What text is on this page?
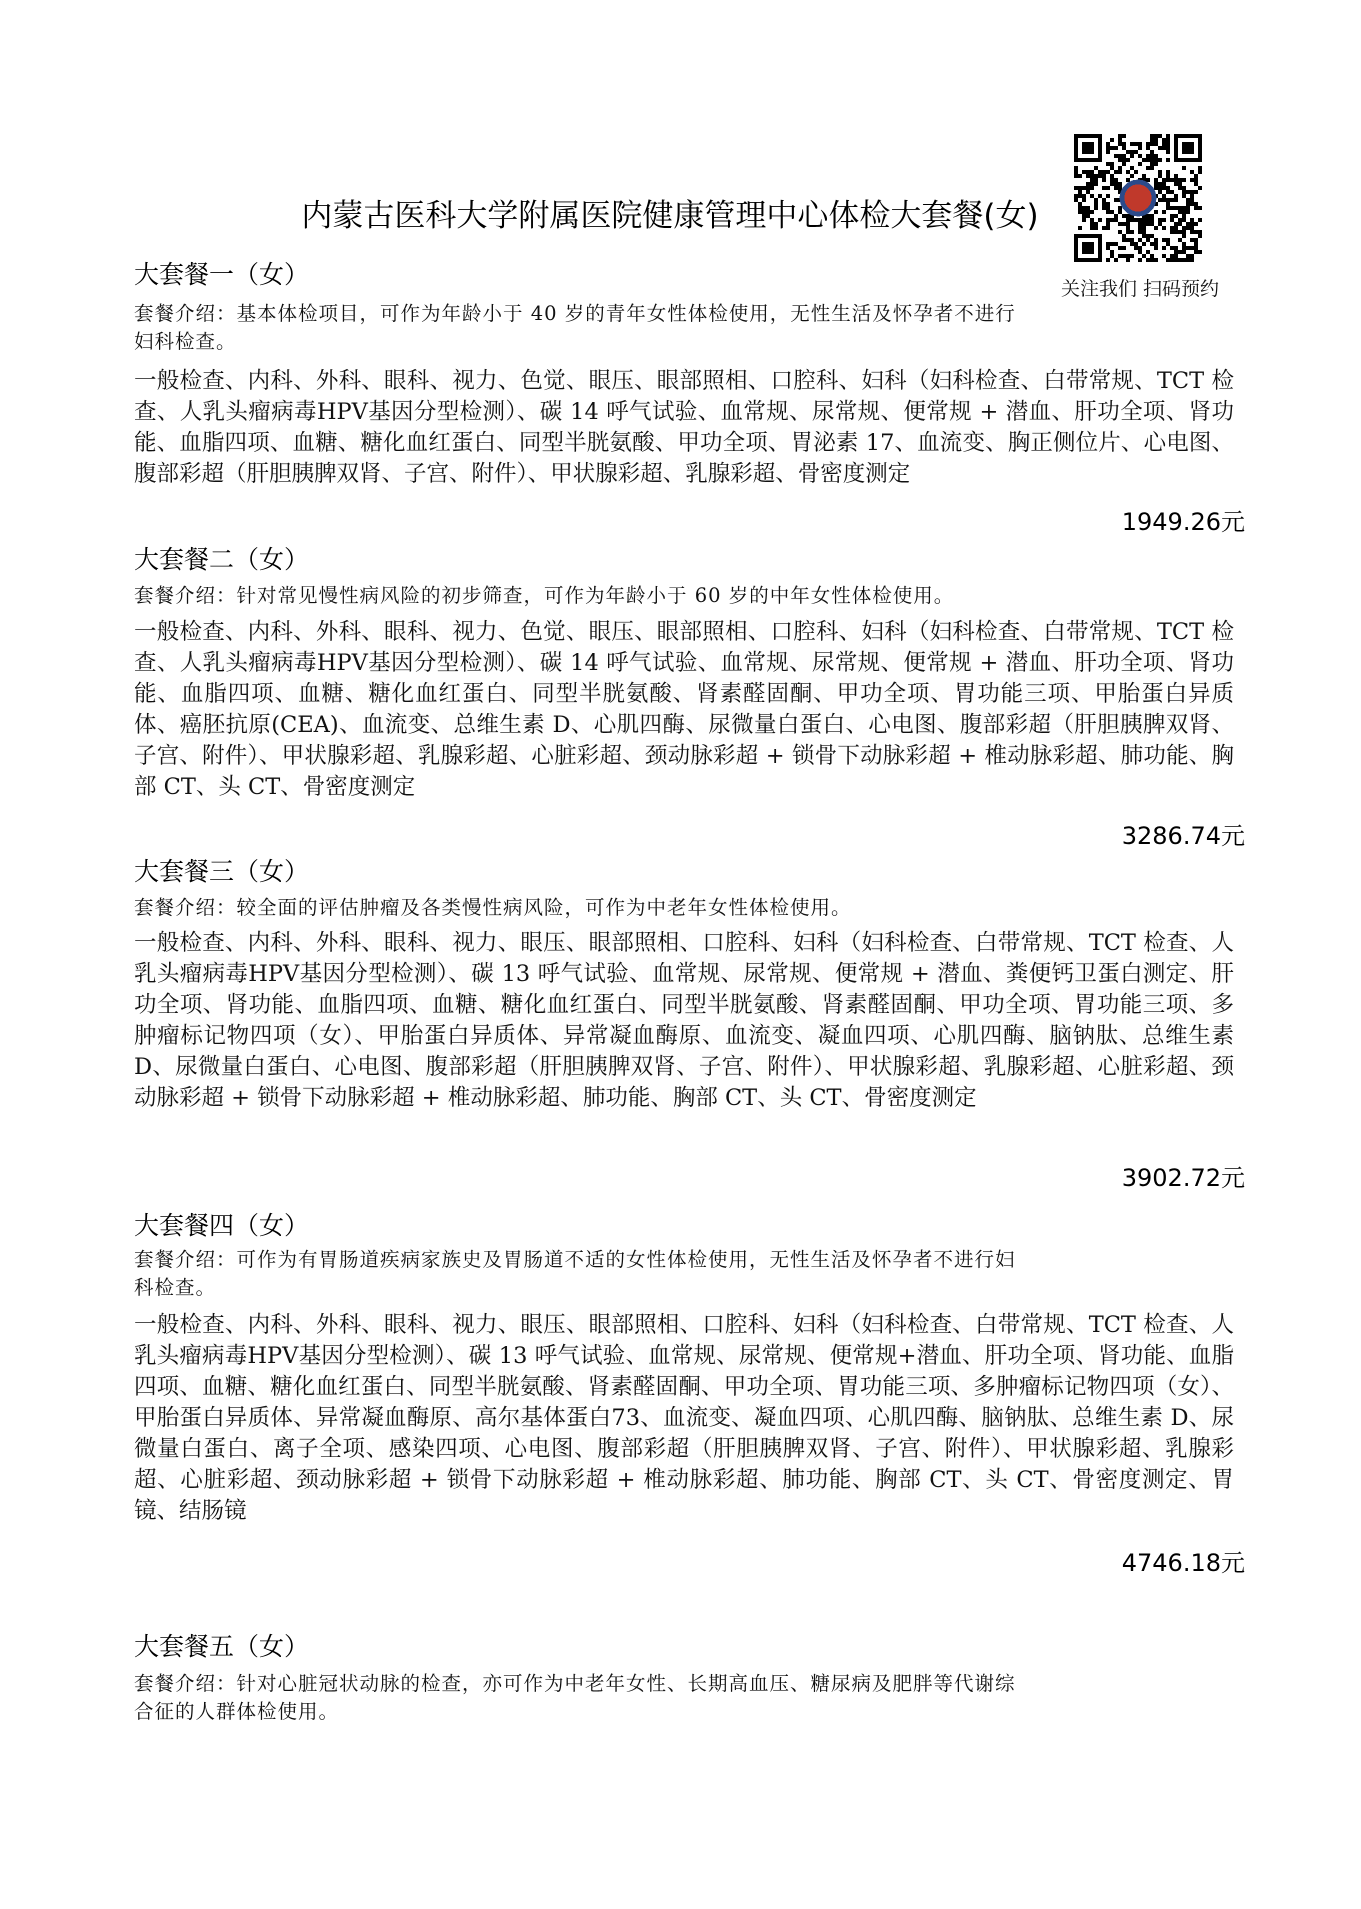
关注我们 扫码预约
内蒙古医科大学附属医院健康管理中心体检大套餐(女)
大套餐一（女）
套餐介绍：基本体检项目，可作为年龄小于 40 岁的青年女性体检使用，无性生活及怀孕者不进行妇科检查。
一般检查、内科、外科、眼科、视力、色觉、眼压、眼部照相、口腔科、妇科（妇科检查、白带常规、TCT 检查、人乳头瘤病毒HPV基因分型检测）、碳 14 呼气试验、血常规、尿常规、便常规 + 潜血、肝功全项、肾功能、血脂四项、血糖、糖化血红蛋白、同型半胱氨酸、甲功全项、胃泌素 17、血流变、胸正侧位片、心电图、腹部彩超（肝胆胰脾双肾、子宫、附件）、甲状腺彩超、乳腺彩超、骨密度测定
1949.26元
大套餐二（女）
套餐介绍：针对常见慢性病风险的初步筛查，可作为年龄小于 60 岁的中年女性体检使用。
一般检查、内科、外科、眼科、视力、色觉、眼压、眼部照相、口腔科、妇科（妇科检查、白带常规、TCT 检查、人乳头瘤病毒HPV基因分型检测）、碳 14 呼气试验、血常规、尿常规、便常规 + 潜血、肝功全项、肾功能、血脂四项、血糖、糖化血红蛋白、同型半胱氨酸、肾素醛固酮、甲功全项、胃功能三项、甲胎蛋白异质体、癌胚抗原(CEA)、血流变、总维生素 D、心肌四酶、尿微量白蛋白、心电图、腹部彩超（肝胆胰脾双肾、子宫、附件）、甲状腺彩超、乳腺彩超、心脏彩超、颈动脉彩超 + 锁骨下动脉彩超 + 椎动脉彩超、肺功能、胸部 CT、头 CT、骨密度测定
3286.74元
大套餐三（女）
套餐介绍：较全面的评估肿瘤及各类慢性病风险，可作为中老年女性体检使用。
一般检查、内科、外科、眼科、视力、眼压、眼部照相、口腔科、妇科（妇科检查、白带常规、TCT 检查、人乳头瘤病毒HPV基因分型检测）、碳 13 呼气试验、血常规、尿常规、便常规 + 潜血、粪便钙卫蛋白测定、肝功全项、肾功能、血脂四项、血糖、糖化血红蛋白、同型半胱氨酸、肾素醛固酮、甲功全项、胃功能三项、多肿瘤标记物四项（女）、甲胎蛋白异质体、异常凝血酶原、血流变、凝血四项、心肌四酶、脑钠肽、总维生素 D、尿微量白蛋白、心电图、腹部彩超（肝胆胰脾双肾、子宫、附件）、甲状腺彩超、乳腺彩超、心脏彩超、颈动脉彩超 + 锁骨下动脉彩超 + 椎动脉彩超、肺功能、胸部 CT、头 CT、骨密度测定
3902.72元
大套餐四（女）
套餐介绍：可作为有胃肠道疾病家族史及胃肠道不适的女性体检使用，无性生活及怀孕者不进行妇科检查。
一般检查、内科、外科、眼科、视力、眼压、眼部照相、口腔科、妇科（妇科检查、白带常规、TCT 检查、人乳头瘤病毒HPV基因分型检测）、碳 13 呼气试验、血常规、尿常规、便常规+潜血、肝功全项、肾功能、血脂四项、血糖、糖化血红蛋白、同型半胱氨酸、肾素醛固酮、甲功全项、胃功能三项、多肿瘤标记物四项（女）、甲胎蛋白异质体、异常凝血酶原、高尔基体蛋白73、血流变、凝血四项、心肌四酶、脑钠肽、总维生素 D、尿微量白蛋白、离子全项、感染四项、心电图、腹部彩超（肝胆胰脾双肾、子宫、附件）、甲状腺彩超、乳腺彩超、心脏彩超、颈动脉彩超 + 锁骨下动脉彩超 + 椎动脉彩超、肺功能、胸部 CT、头 CT、骨密度测定、胃镜、结肠镜
4746.18元
大套餐五（女）
套餐介绍：针对心脏冠状动脉的检查，亦可作为中老年女性、长期高血压、糖尿病及肥胖等代谢综合征的人群体检使用。
